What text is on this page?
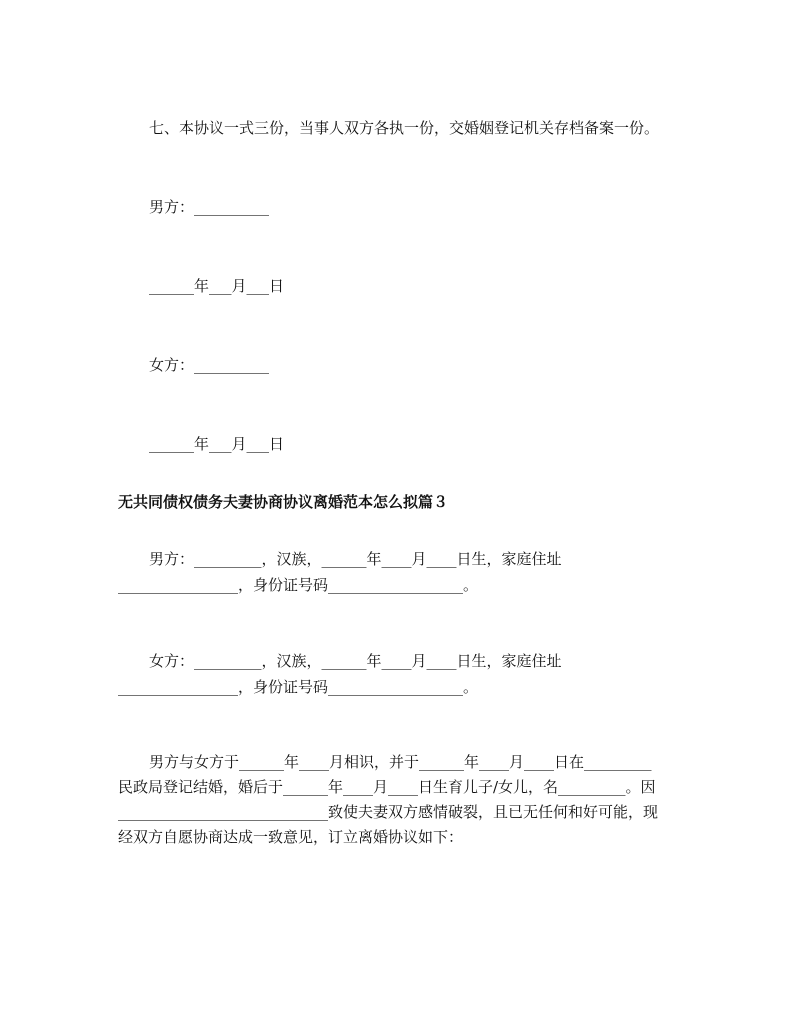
七、本协议一式三份，当事人双方各执一份，交婚姻登记机关存档备案一份。

男方：__________

______年___月___日

女方：__________

______年___月___日

无共同债权债务夫妻协商协议离婚范本怎么拟篇３

男方：_________，汉族，______年____月____日生，家庭住址

________________，身份证号码__________________。

女方：_________，汉族，______年____月____日生，家庭住址

________________，身份证号码__________________。

男方与女方于______年____月相识，并于______年____月____日在_________

民政局登记结婚，婚后于______年____月____日生育儿子/女儿，名_________。因

____________________________致使夫妻双方感情破裂，且已无任何和好可能，现

经双方自愿协商达成一致意见，订立离婚协议如下：
